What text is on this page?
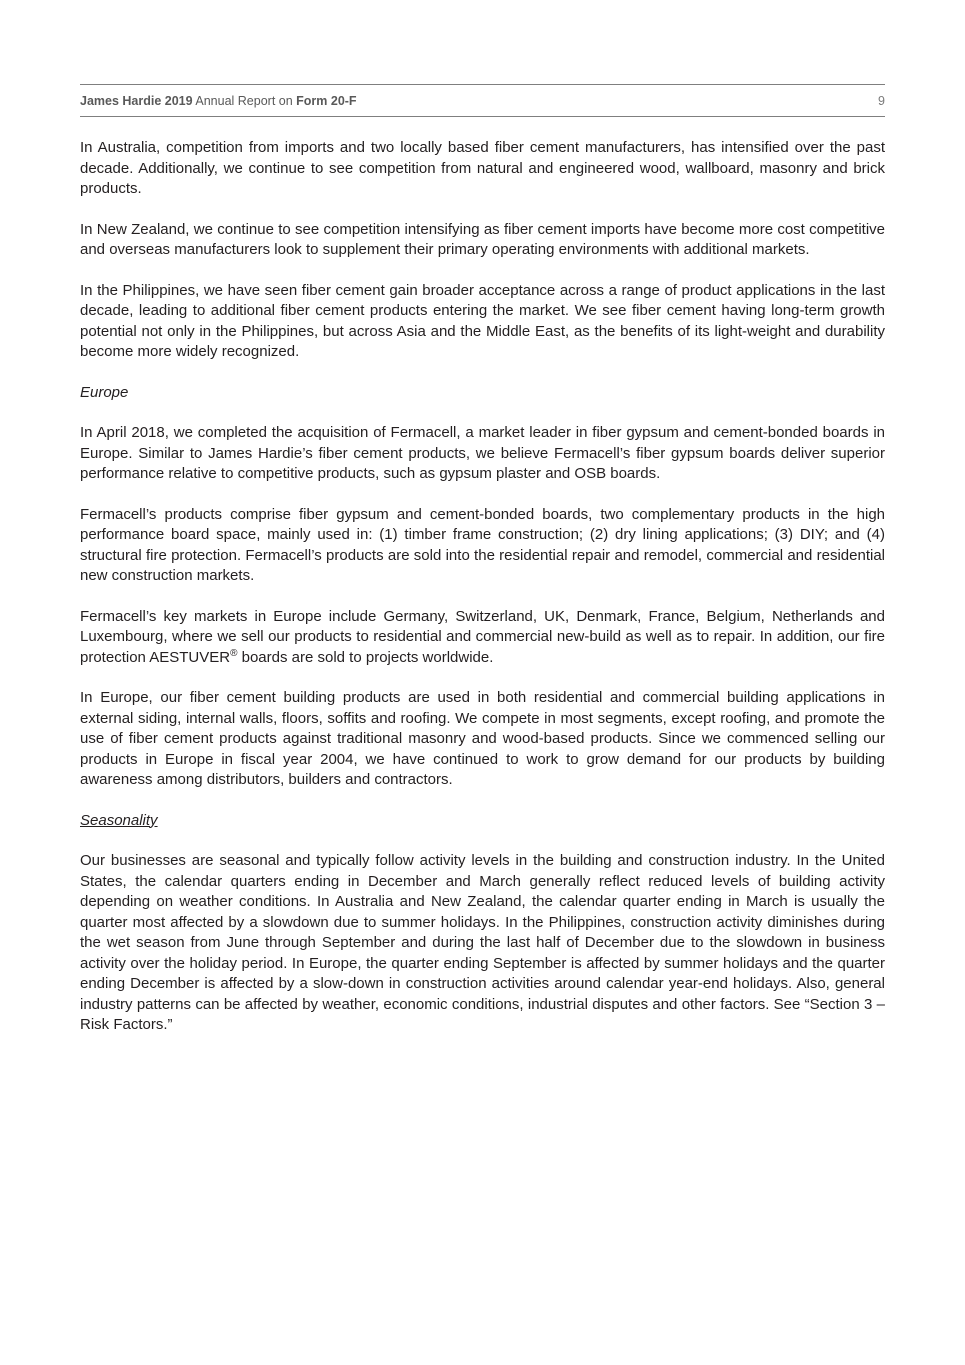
James Hardie 2019 Annual Report on Form 20-F	9

In Australia, competition from imports and two locally based fiber cement manufacturers, has intensified over the past decade. Additionally, we continue to see competition from natural and engineered wood, wallboard, masonry and brick products.

In New Zealand, we continue to see competition intensifying as fiber cement imports have become more cost competitive and overseas manufacturers look to supplement their primary operating environments with additional markets.

In the Philippines, we have seen fiber cement gain broader acceptance across a range of product applications in the last decade, leading to additional fiber cement products entering the market. We see fiber cement having long-term growth potential not only in the Philippines, but across Asia and the Middle East, as the benefits of its light-weight and durability become more widely recognized.

Europe

In April 2018, we completed the acquisition of Fermacell, a market leader in fiber gypsum and cement-bonded boards in Europe. Similar to James Hardie’s fiber cement products, we believe Fermacell’s fiber gypsum boards deliver superior performance relative to competitive products, such as gypsum plaster and OSB boards.

Fermacell’s products comprise fiber gypsum and cement-bonded boards, two complementary products in the high performance board space, mainly used in: (1) timber frame construction; (2) dry lining applications; (3) DIY; and (4) structural fire protection. Fermacell’s products are sold into the residential repair and remodel, commercial and residential new construction markets.

Fermacell’s key markets in Europe include Germany, Switzerland, UK, Denmark, France, Belgium, Netherlands and Luxembourg, where we sell our products to residential and commercial new-build as well as to repair. In addition, our fire protection AESTUVER® boards are sold to projects worldwide.

In Europe, our fiber cement building products are used in both residential and commercial building applications in external siding, internal walls, floors, soffits and roofing. We compete in most segments, except roofing, and promote the use of fiber cement products against traditional masonry and wood-based products. Since we commenced selling our products in Europe in fiscal year 2004, we have continued to work to grow demand for our products by building awareness among distributors, builders and contractors.

Seasonality

Our businesses are seasonal and typically follow activity levels in the building and construction industry. In the United States, the calendar quarters ending in December and March generally reflect reduced levels of building activity depending on weather conditions. In Australia and New Zealand, the calendar quarter ending in March is usually the quarter most affected by a slowdown due to summer holidays. In the Philippines, construction activity diminishes during the wet season from June through September and during the last half of December due to the slowdown in business activity over the holiday period. In Europe, the quarter ending September is affected by summer holidays and the quarter ending December is affected by a slow-down in construction activities around calendar year-end holidays. Also, general industry patterns can be affected by weather, economic conditions, industrial disputes and other factors. See “Section 3 – Risk Factors.”
